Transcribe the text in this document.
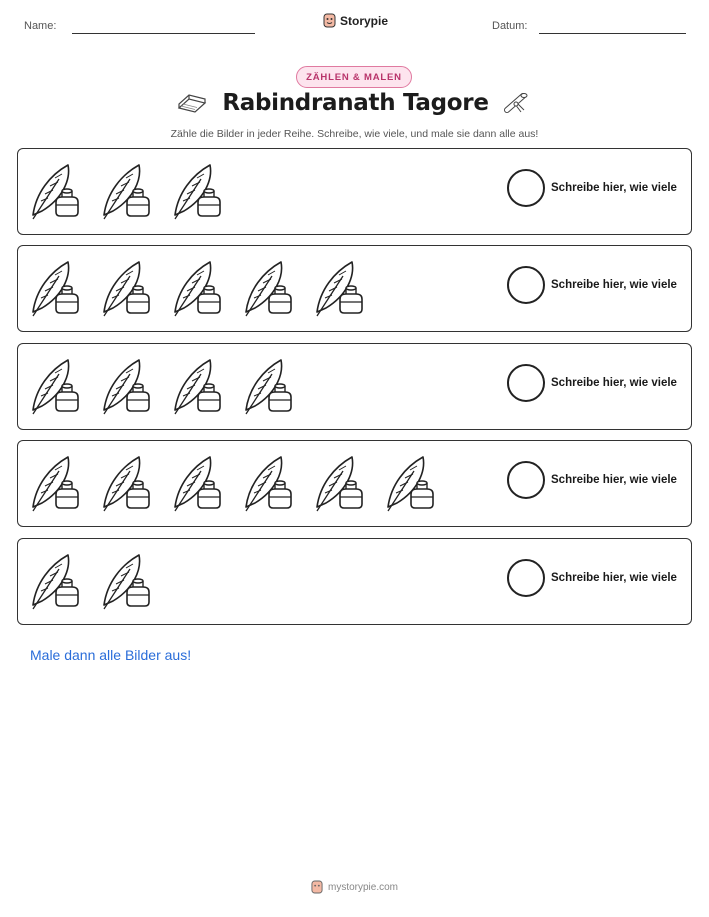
Name:	Storypie	Datum:
ZÄHLEN & MALEN
Rabindranath Tagore
Zähle die Bilder in jeder Reihe. Schreibe, wie viele, und male sie dann alle aus!
Schreibe hier, wie viele
Schreibe hier, wie viele
Schreibe hier, wie viele
Schreibe hier, wie viele
Schreibe hier, wie viele
Male dann alle Bilder aus!
mystorypie.com
